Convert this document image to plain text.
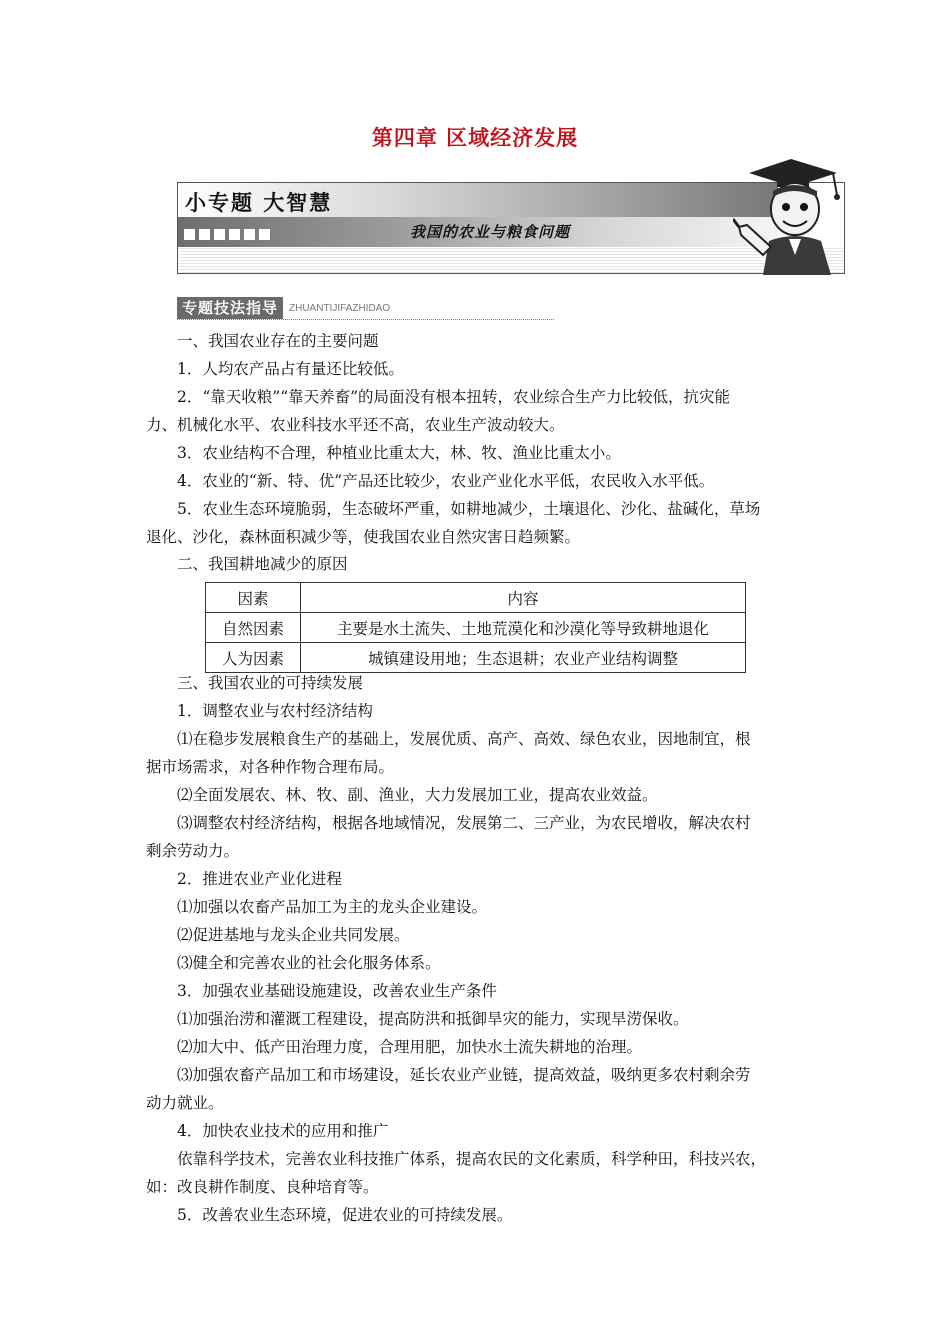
第四章 区域经济发展
小专题 大智慧
我国的农业与粮食问题
专题技法指导	ZHUANTIJIFAZHIDAO
一、我国农业存在的主要问题
1．人均农产品占有量还比较低。
2．“靠天收粮”“靠天养畜”的局面没有根本扭转，农业综合生产力比较低，抗灾能
力、机械化水平、农业科技水平还不高，农业生产波动较大。
3．农业结构不合理，种植业比重太大，林、牧、渔业比重太小。
4．农业的“新、特、优”产品还比较少，农业产业化水平低，农民收入水平低。
5．农业生态环境脆弱，生态破坏严重，如耕地减少，土壤退化、沙化、盐碱化，草场
退化、沙化，森林面积减少等，使我国农业自然灾害日趋频繁。
二、我国耕地减少的原因
因素	内容
自然因素	主要是水土流失、土地荒漠化和沙漠化等导致耕地退化
人为因素	城镇建设用地；生态退耕；农业产业结构调整
三、我国农业的可持续发展
1．调整农业与农村经济结构
⑴在稳步发展粮食生产的基础上，发展优质、高产、高效、绿色农业，因地制宜，根
据市场需求，对各种作物合理布局。
⑵全面发展农、林、牧、副、渔业，大力发展加工业，提高农业效益。
⑶调整农村经济结构，根据各地域情况，发展第二、三产业，为农民增收，解决农村
剩余劳动力。
2．推进农业产业化进程
⑴加强以农畜产品加工为主的龙头企业建设。
⑵促进基地与龙头企业共同发展。
⑶健全和完善农业的社会化服务体系。
3．加强农业基础设施建设，改善农业生产条件
⑴加强治涝和灌溉工程建设，提高防洪和抵御旱灾的能力，实现旱涝保收。
⑵加大中、低产田治理力度，合理用肥，加快水土流失耕地的治理。
⑶加强农畜产品加工和市场建设，延长农业产业链，提高效益，吸纳更多农村剩余劳
动力就业。
4．加快农业技术的应用和推广
依靠科学技术，完善农业科技推广体系，提高农民的文化素质，科学种田，科技兴农，
如：改良耕作制度、良种培育等。
5．改善农业生态环境，促进农业的可持续发展。
